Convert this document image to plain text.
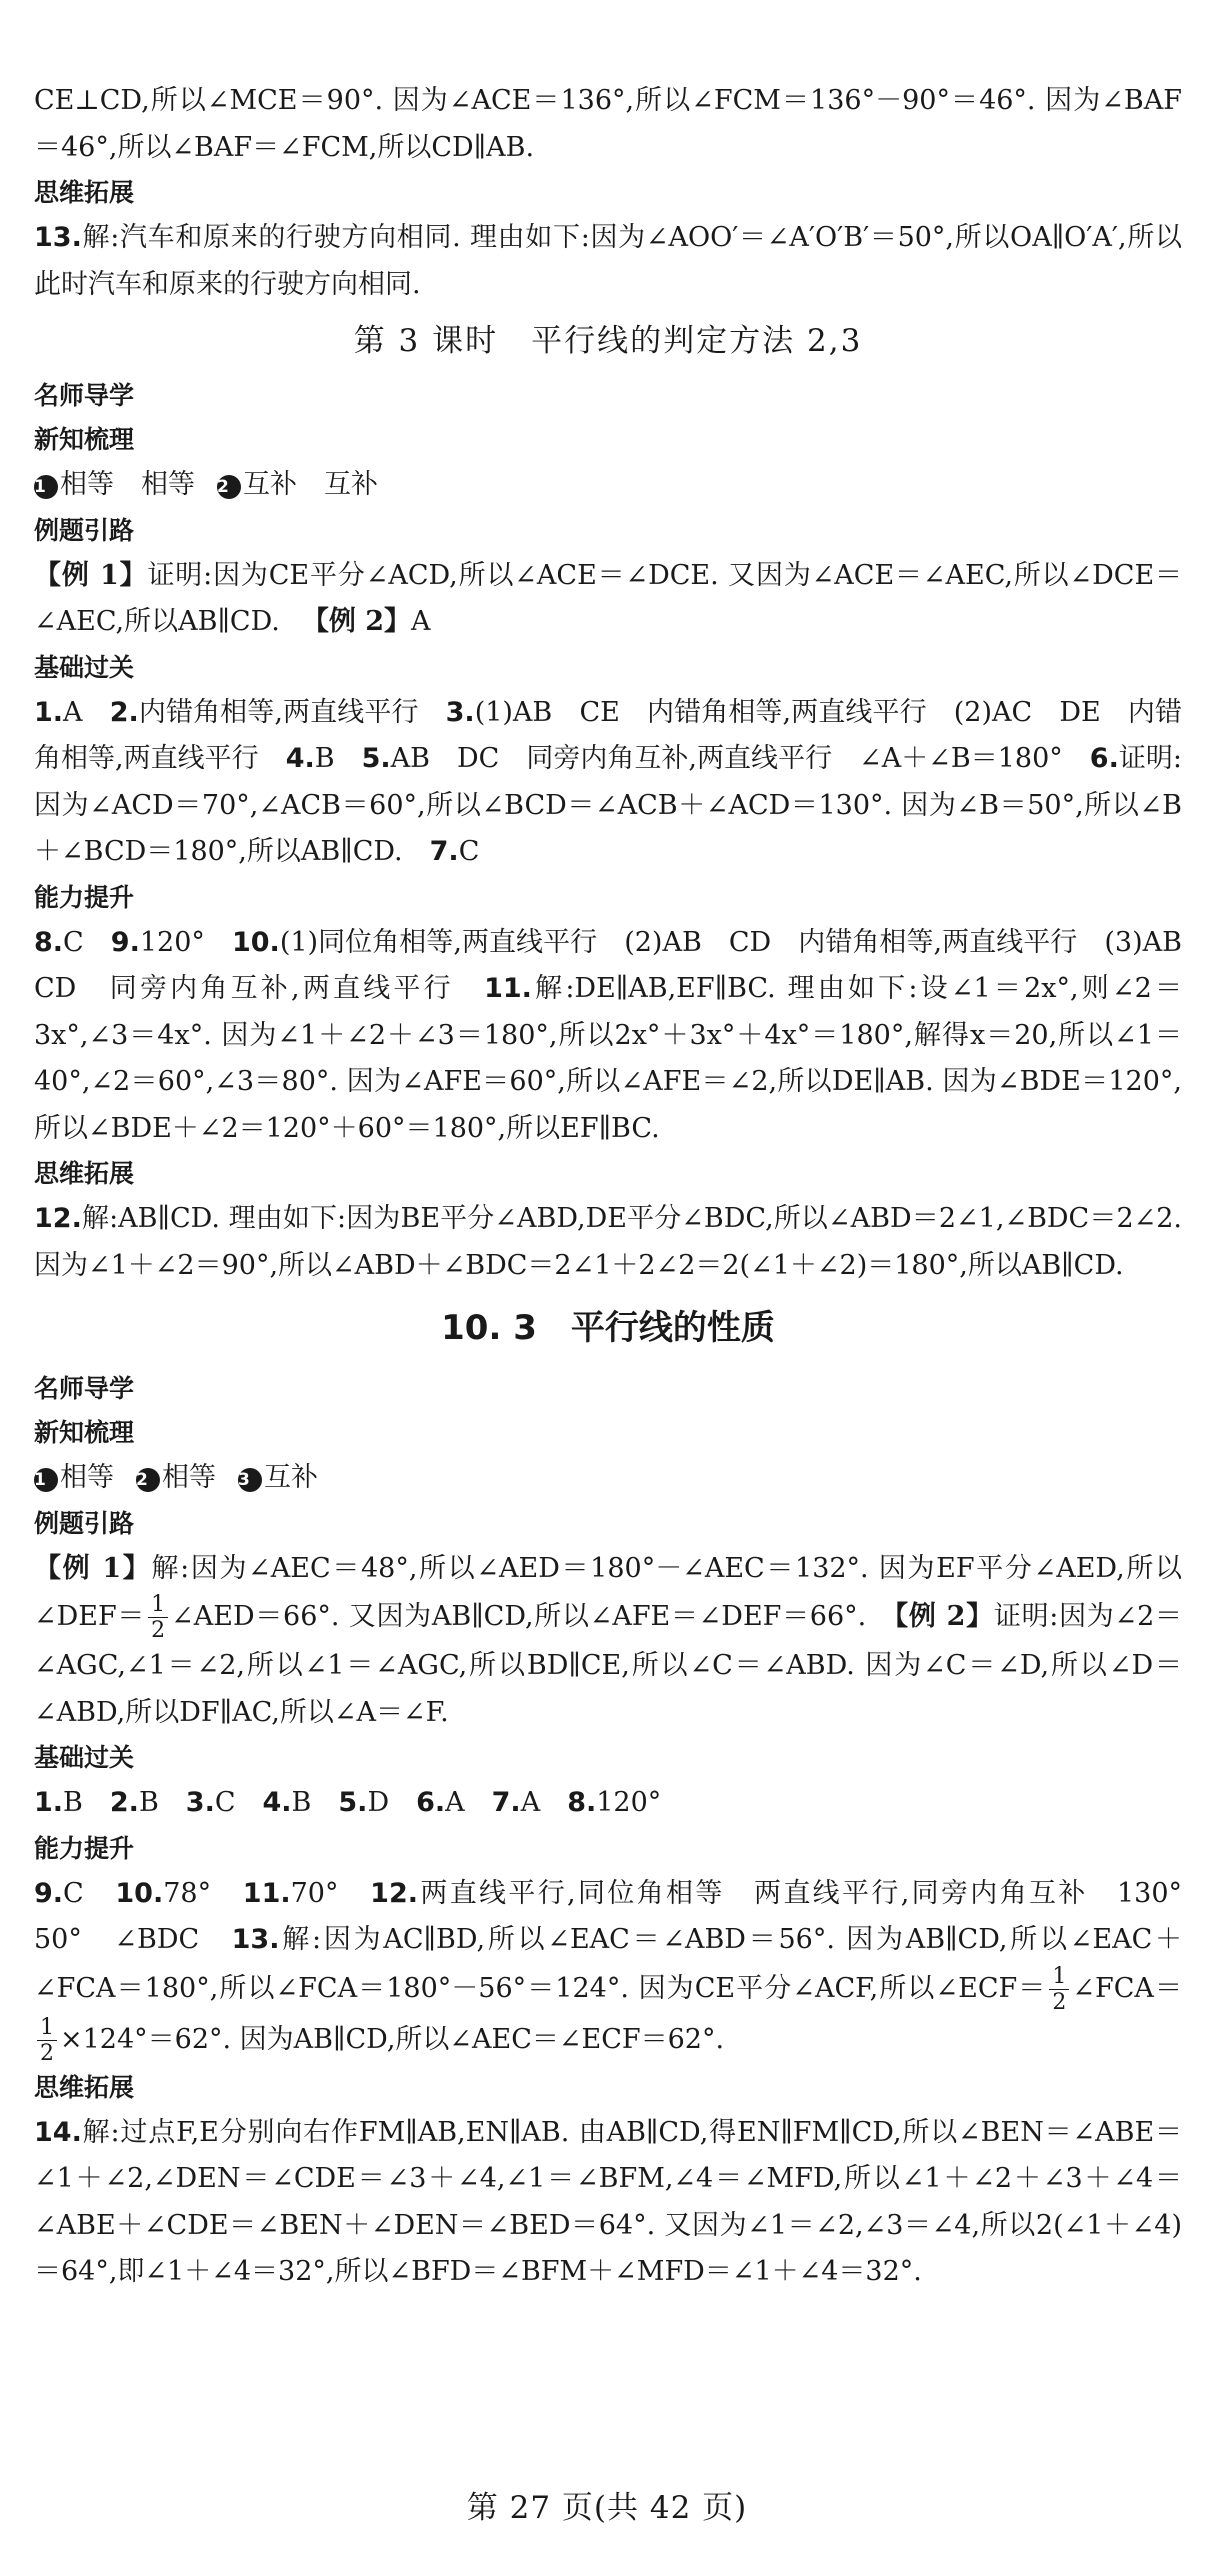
CE⊥CD,所以∠MCE＝90°. 因为∠ACE＝136°,所以∠FCM＝136°－90°＝46°. 因为∠BAF＝46°,所以∠BAF＝∠FCM,所以CD∥AB.

思维拓展

13.解:汽车和原来的行驶方向相同. 理由如下:因为∠AOO′＝∠A′O′B′＝50°,所以OA∥O′A′,所以此时汽车和原来的行驶方向相同.

第 3 课时　平行线的判定方法 2,3

名师导学

新知梳理

1 相等　相等 2 互补　互补

例题引路

【例 1】证明:因为CE平分∠ACD,所以∠ACE＝∠DCE. 又因为∠ACE＝∠AEC,所以∠DCE＝∠AEC,所以AB∥CD. 【例 2】A

基础过关

1.A　2.内错角相等,两直线平行　3.(1)AB　CE　内错角相等,两直线平行　(2)AC　DE　内错角相等,两直线平行　4.B　5.AB　DC　同旁内角互补,两直线平行　∠A＋∠B＝180°　6.证明:因为∠ACD＝70°,∠ACB＝60°,所以∠BCD＝∠ACB＋∠ACD＝130°. 因为∠B＝50°,所以∠B＋∠BCD＝180°,所以AB∥CD.　7.C

能力提升

8.C　9.120°　10.(1)同位角相等,两直线平行　(2)AB　CD　内错角相等,两直线平行　(3)AB　CD　同旁内角互补,两直线平行　11.解:DE∥AB,EF∥BC. 理由如下:设∠1＝2x°,则∠2＝3x°,∠3＝4x°. 因为∠1＋∠2＋∠3＝180°,所以2x°＋3x°＋4x°＝180°,解得x＝20,所以∠1＝40°,∠2＝60°,∠3＝80°. 因为∠AFE＝60°,所以∠AFE＝∠2,所以DE∥AB. 因为∠BDE＝120°,所以∠BDE＋∠2＝120°＋60°＝180°,所以EF∥BC.

思维拓展

12.解:AB∥CD. 理由如下:因为BE平分∠ABD,DE平分∠BDC,所以∠ABD＝2∠1,∠BDC＝2∠2. 因为∠1＋∠2＝90°,所以∠ABD＋∠BDC＝2∠1＋2∠2＝2(∠1＋∠2)＝180°,所以AB∥CD.

10. 3　 平行线的性质

名师导学

新知梳理

1 相等 2 相等 3 互补

例题引路

【例 1】解:因为∠AEC＝48°,所以∠AED＝180°－∠AEC＝132°. 因为EF平分∠AED,所以∠DEF＝ $\frac{1}{2}$ ∠AED＝66°. 又因为AB∥CD,所以∠AFE＝∠DEF＝66°.　【例 2】证明:因为∠2＝∠AGC,∠1＝∠2,所以∠1＝∠AGC,所以BD∥CE,所以∠C＝∠ABD. 因为∠C＝∠D,所以∠D＝∠ABD,所以DF∥AC,所以∠A＝∠F.

基础过关

1.B　2.B　3.C　4.B　5.D　6.A　7.A　8.120°

能力提升

9.C　10.78°　11.70°　12.两直线平行,同位角相等　两直线平行,同旁内角互补　130°　50°　∠BDC　13.解:因为AC∥BD,所以∠EAC＝∠ABD＝56°. 因为AB∥CD,所以∠EAC＋∠FCA＝180°,所以∠FCA＝180°－56°＝124°. 因为CE平分∠ACF,所以∠ECF＝ $\frac{1}{2}$ ∠FCA＝
$\frac{1}{2} \times 124^\circ=62^\circ$. 因为AB∥CD,所以∠AEC＝∠ECF＝62°.

思维拓展

14.解:过点F,E分别向右作FM∥AB,EN∥AB. 由AB∥CD,得EN∥FM∥CD,所以∠BEN＝∠ABE＝∠1＋∠2,∠DEN＝∠CDE＝∠3＋∠4,∠1＝∠BFM,∠4＝∠MFD,所以∠1＋∠2＋∠3＋∠4＝∠ABE＋∠CDE＝∠BEN＋∠DEN＝∠BED＝64°. 又因为∠1＝∠2,∠3＝∠4,所以2(∠1＋∠4)＝64°,即∠1＋∠4＝32°,所以∠BFD＝∠BFM＋∠MFD＝∠1＋∠4＝32°.

第 27 页(共 42 页)
